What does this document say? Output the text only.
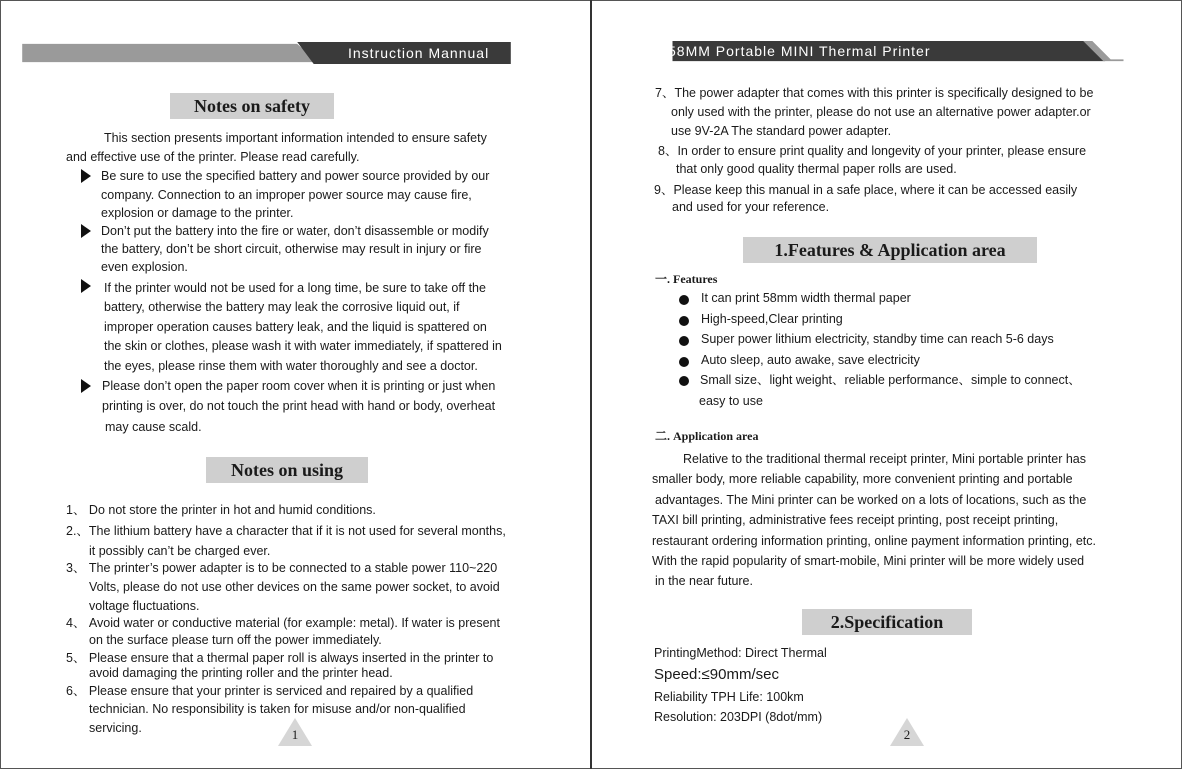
Instruction Mannual
Notes on safety
This section presents important information intended to ensure safety
and effective use of the printer. Please read carefully.
Be sure to use the specified battery and power source provided by our
company. Connection to an improper power source may cause fire,
explosion or damage to the printer.
Don’t put the battery into the fire or water, don’t disassemble or modify
the battery, don’t be short circuit, otherwise may result in injury or fire
even explosion.
If the printer would not be used for a long time, be sure to take off the
battery, otherwise the battery may leak the corrosive liquid out, if
improper operation causes battery leak, and the liquid is spattered on
the skin or clothes, please wash it with water immediately, if spattered in
the eyes, please rinse them with water thoroughly and see a doctor.
Please don’t open the paper room cover when it is printing or just when
printing is over, do not touch the print head with hand or body, overheat
may cause scald.
Notes on using
1、 Do not store the printer in hot and humid conditions.
2.、The lithium battery have a character that if it is not used for several months,
it possibly can’t be charged ever.
3、 The printer’s power adapter is to be connected to a stable power 110~220
Volts, please do not use other devices on the same power socket, to avoid
voltage fluctuations.
4、 Avoid water or conductive material (for example: metal). If water is present
on the surface please turn off the power immediately.
5、 Please ensure that a thermal paper roll is always inserted in the printer to
avoid damaging the printing roller and the printer head.
6、 Please ensure that your printer is serviced and repaired by a qualified
technician. No responsibility is taken for misuse and/or non-qualified
servicing.	1
58MM Portable MINI Thermal Printer
7、The power adapter that comes with this printer is specifically designed to be
only used with the printer, please do not use an alternative power adapter.or
use 9V-2A The standard power adapter.
8、In order to ensure print quality and longevity of your printer, please ensure
that only good quality thermal paper rolls are used.
9、Please keep this manual in a safe place, where it can be accessed easily
and used for your reference.
1.Features & Application area
一. Features
It can print 58mm width thermal paper
High-speed,Clear printing
Super power lithium electricity, standby time can reach 5-6 days
Auto sleep, auto awake, save electricity
Small size、light weight、reliable performance、simple to connect、
easy to use
二. Application area
Relative to the traditional thermal receipt printer, Mini portable printer has
smaller body, more reliable capability, more convenient printing and portable
advantages. The Mini printer can be worked on a lots of locations, such as the
TAXI bill printing, administrative fees receipt printing, post receipt printing,
restaurant ordering information printing, online payment information printing, etc.
With the rapid popularity of smart-mobile, Mini printer will be more widely used
in the near future.
2.Specification
PrintingMethod: Direct Thermal
Speed:≤90mm/sec
Reliability TPH Life: 100km
Resolution: 203DPI (8dot/mm)
2
